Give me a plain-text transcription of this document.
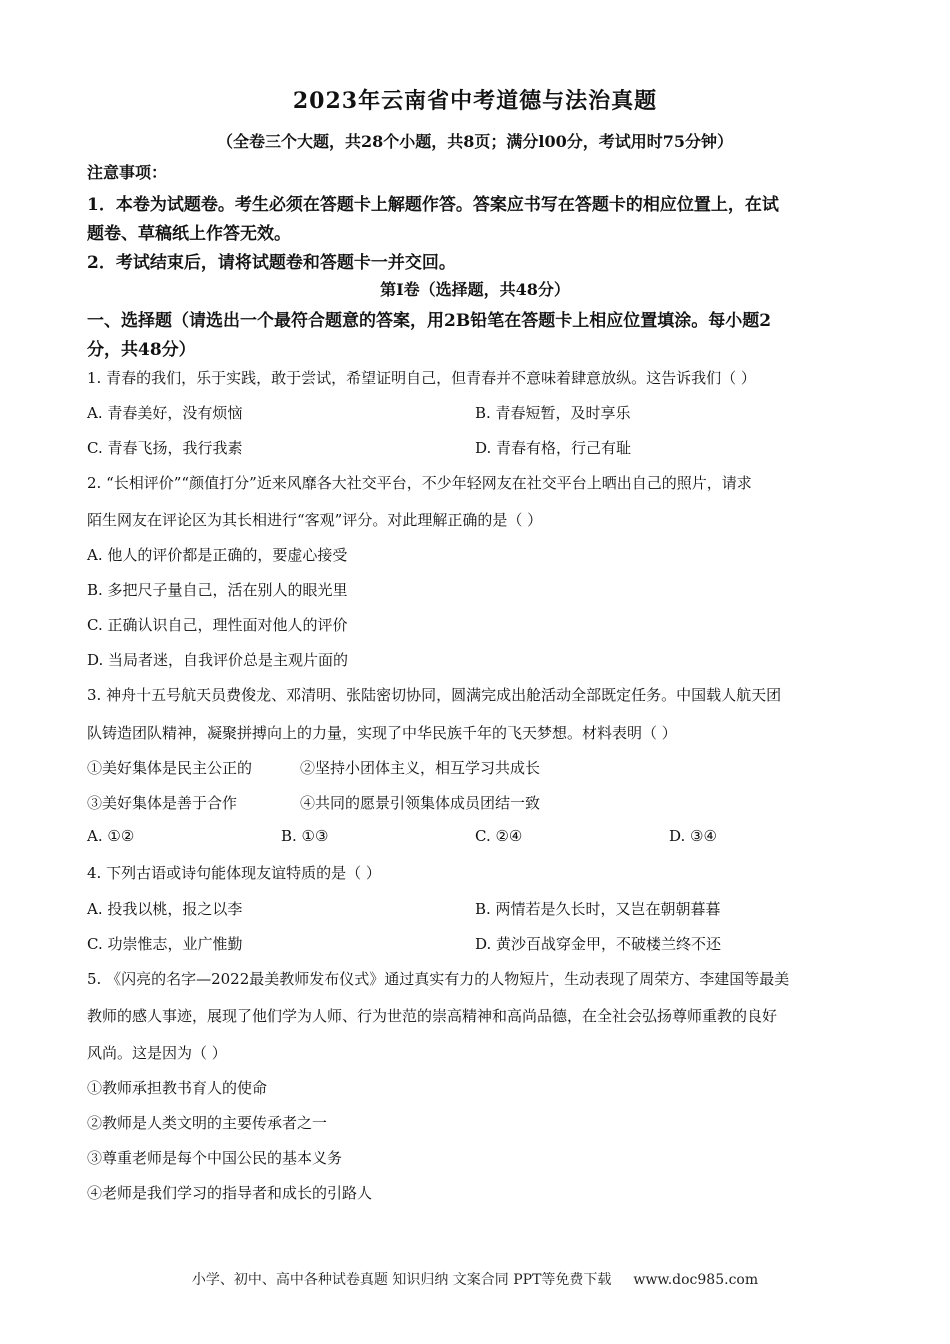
2023年云南省中考道德与法治真题
（全卷三个大题，共28个小题，共8页；满分l00分，考试用时75分钟）
注意事项：
1．本卷为试题卷。考生必须在答题卡上解题作答。答案应书写在答题卡的相应位置上，在试
题卷、草稿纸上作答无效。
2．考试结束后，请将试题卷和答题卡一并交回。
第I卷（选择题，共48分）
一、选择题（请选出一个最符合题意的答案，用2B铅笔在答题卡上相应位置填涂。每小题2
分，共48分）
1. 青春的我们，乐于实践，敢于尝试，希望证明自己，但青春并不意味着肆意放纵。这告诉我们（ ）
A. 青春美好，没有烦恼	B. 青春短暂，及时享乐
C. 青春飞扬，我行我素	D. 青春有格，行己有耻
2. “长相评价”“颜值打分”近来风靡各大社交平台，不少年轻网友在社交平台上晒出自己的照片，请求
陌生网友在评论区为其长相进行“客观”评分。对此理解正确的是（ ）
A. 他人的评价都是正确的，要虚心接受
B. 多把尺子量自己，活在别人的眼光里
C. 正确认识自己，理性面对他人的评价
D. 当局者迷，自我评价总是主观片面的
3. 神舟十五号航天员费俊龙、邓清明、张陆密切协同，圆满完成出舱活动全部既定任务。中国载人航天团
队铸造团队精神，凝聚拼搏向上的力量，实现了中华民族千年的飞天梦想。材料表明（ ）
①美好集体是民主公正的	②坚持小团体主义，相互学习共成长
③美好集体是善于合作	④共同的愿景引领集体成员团结一致
A. ①②	B. ①③	C. ②④	D. ③④
4. 下列古语或诗句能体现友谊特质的是（ ）
A. 投我以桃，报之以李	B. 两情若是久长时，又岂在朝朝暮暮
C. 功崇惟志，业广惟勤	D. 黄沙百战穿金甲，不破楼兰终不还
5. 《闪亮的名字—2022最美教师发布仪式》通过真实有力的人物短片，生动表现了周荣方、李建国等最美
教师的感人事迹，展现了他们学为人师、行为世范的崇高精神和高尚品德，在全社会弘扬尊师重教的良好
风尚。这是因为（ ）
①教师承担教书育人的使命
②教师是人类文明的主要传承者之一
③尊重老师是每个中国公民的基本义务
④老师是我们学习的指导者和成长的引路人
小学、初中、高中各种试卷真题 知识归纳 文案合同 PPT等免费下载 www.doc985.com
